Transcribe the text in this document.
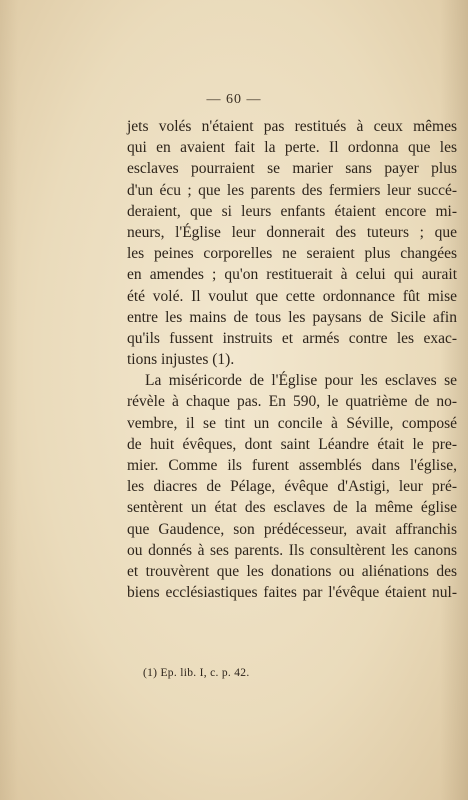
— 60 —
jets volés n'étaient pas restitués à ceux mêmes
qui en avaient fait la perte. Il ordonna que les
esclaves pourraient se marier sans payer plus
d'un écu ; que les parents des fermiers leur succé-
deraient, que si leurs enfants étaient encore mi-
neurs, l'Église leur donnerait des tuteurs ; que
les peines corporelles ne seraient plus changées
en amendes ; qu'on restituerait à celui qui aurait
été volé. Il voulut que cette ordonnance fût mise
entre les mains de tous les paysans de Sicile afin
qu'ils fussent instruits et armés contre les exac-
tions injustes (1).
La miséricorde de l'Église pour les esclaves se
révèle à chaque pas. En 590, le quatrième de no-
vembre, il se tint un concile à Séville, composé
de huit évêques, dont saint Léandre était le pre-
mier. Comme ils furent assemblés dans l'église,
les diacres de Pélage, évêque d'Astigi, leur pré-
sentèrent un état des esclaves de la même église
que Gaudence, son prédécesseur, avait affranchis
ou donnés à ses parents. Ils consultèrent les canons
et trouvèrent que les donations ou aliénations des
biens ecclésiastiques faites par l'évêque étaient nul-
(1) Ep. lib. I, c. p. 42.
